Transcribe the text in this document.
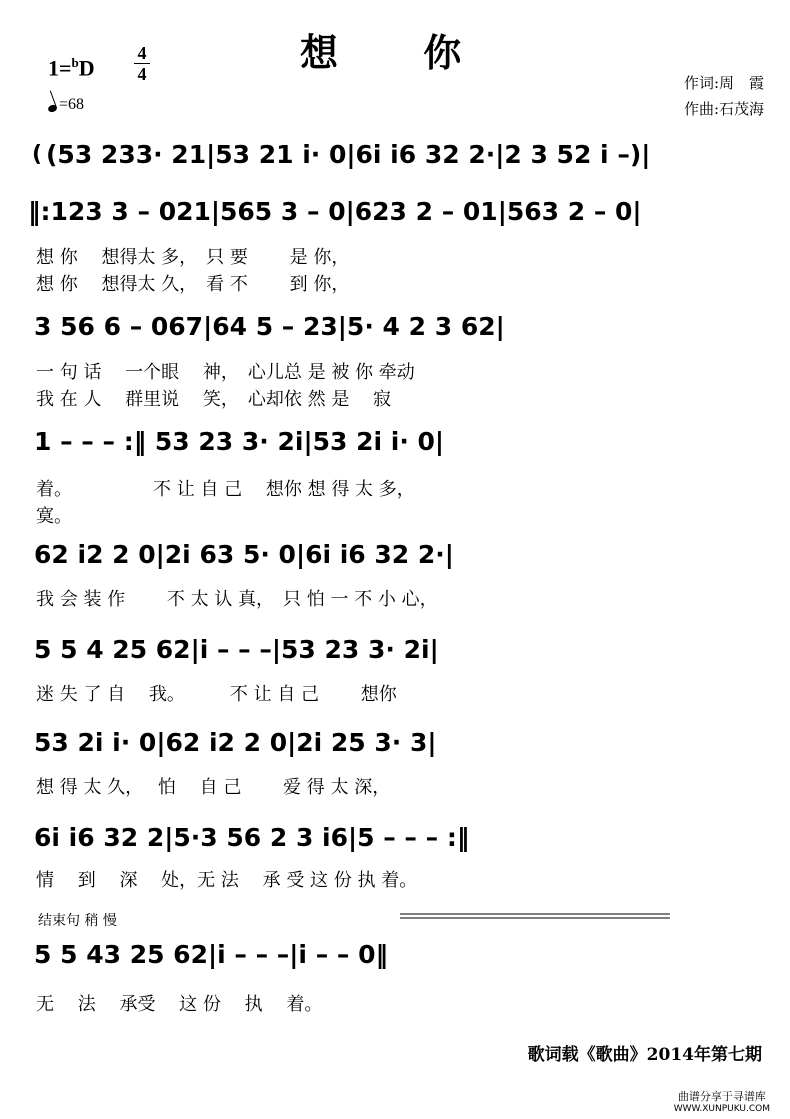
想 你
1=$^b$D
4
4
=68
作词:周　霞
作曲:石茂海
( (53 233· 21|53 21 i· 0|6i i6 32 2·|2 3 52 i –)|
‖:123 3 – 021|565 3 – 0|623 2 – 01|563 2 – 0|
想 你　 想得太 多，　只 要　　 是 你，
想 你　 想得太 久，　看 不　　 到 你，
3 56 6 – 067|64 5 – 23|5· 4 2 3 62|
一 句 话　 一个眼　 神，　心儿总 是 被 你 牵动
我 在 人　 群里说　 笑，　心却依 然 是　 寂
1 – – – :‖ 53 23 3· 2i|53 2i i· 0|
着。　　　　　不 让 自 己　 想你 想 得 太 多，
寞。
62 i2 2 0|2i 63 5· 0|6i i6 32 2·|
我 会 装 作　　 不 太 认 真，　只 怕 一 不 小 心，
5 5 4 25 62|i – – –|53 23 3· 2i|
迷 失 了 自　 我。　　　不 让 自 己　　 想你
53 2i i· 0|62 i2 2 0|2i 25 3· 3|
想 得 太 久，　 怕　 自 己　　 爱 得 太 深，
6i i6 32 2|5·3 56 2 3 i6|5 – – – :‖
情　 到　 深　 处，无 法　 承 受 这 份 执 着。
结束句 稍 慢
5 5 43 25 62|i – – –|i – – 0‖
无　 法　 承受　 这 份　 执　 着。
歌词载《歌曲》2014年第七期
曲谱分享于寻谱库
WWW.XUNPUKU.COM
